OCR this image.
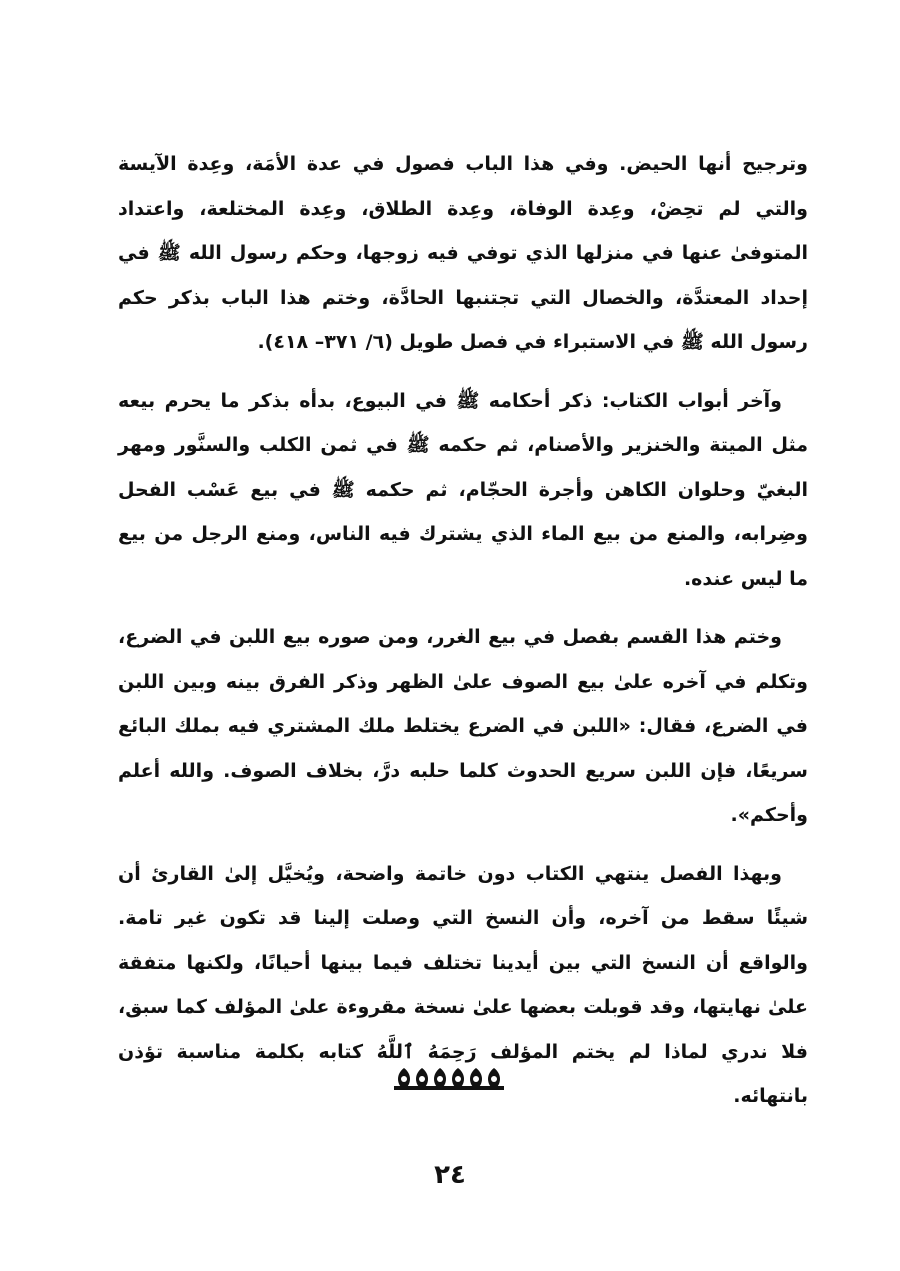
وترجيح أنها الحيض. وفي هذا الباب فصول في عدة الأمَة، وعِدة الآيسة والتي لم تحِضْ، وعِدة الوفاة، وعِدة الطلاق، وعِدة المختلعة، واعتداد المتوفىٰ عنها في منزلها الذي توفي فيه زوجها، وحكم رسول الله ﷺ في إحداد المعتدَّة، والخصال التي تجتنبها الحادَّة، وختم هذا الباب بذكر حكم رسول الله ﷺ في الاستبراء في فصل طويل (٦/ ٣٧١– ٤١٨).

وآخر أبواب الكتاب: ذكر أحكامه ﷺ في البيوع، بدأه بذكر ما يحرم بيعه مثل الميتة والخنزير والأصنام، ثم حكمه ﷺ في ثمن الكلب والسنَّور ومهر البغيّ وحلوان الكاهن وأجرة الحجّام، ثم حكمه ﷺ في بيع عَسْب الفحل وضِرابه، والمنع من بيع الماء الذي يشترك فيه الناس، ومنع الرجل من بيع ما ليس عنده.

وختم هذا القسم بفصل في بيع الغرر، ومن صوره بيع اللبن في الضرع، وتكلم في آخره علىٰ بيع الصوف علىٰ الظهر وذكر الفرق بينه وبين اللبن في الضرع، فقال: «اللبن في الضرع يختلط ملك المشتري فيه بملك البائع سريعًا، فإن اللبن سريع الحدوث كلما حلبه درَّ، بخلاف الصوف. والله أعلم وأحكم».

وبهذا الفصل ينتهي الكتاب دون خاتمة واضحة، ويُخيَّل إلىٰ القارئ أن شيئًا سقط من آخره، وأن النسخ التي وصلت إلينا قد تكون غير تامة. والواقع أن النسخ التي بين أيدينا تختلف فيما بينها أحيانًا، ولكنها متفقة علىٰ نهايتها، وقد قوبلت بعضها علىٰ نسخة مقروءة علىٰ المؤلف كما سبق، فلا ندري لماذا لم يختم المؤلف رَحِمَهُ ٱللَّهُ كتابه بكلمة مناسبة تؤذن بانتهائه.

٢٤
